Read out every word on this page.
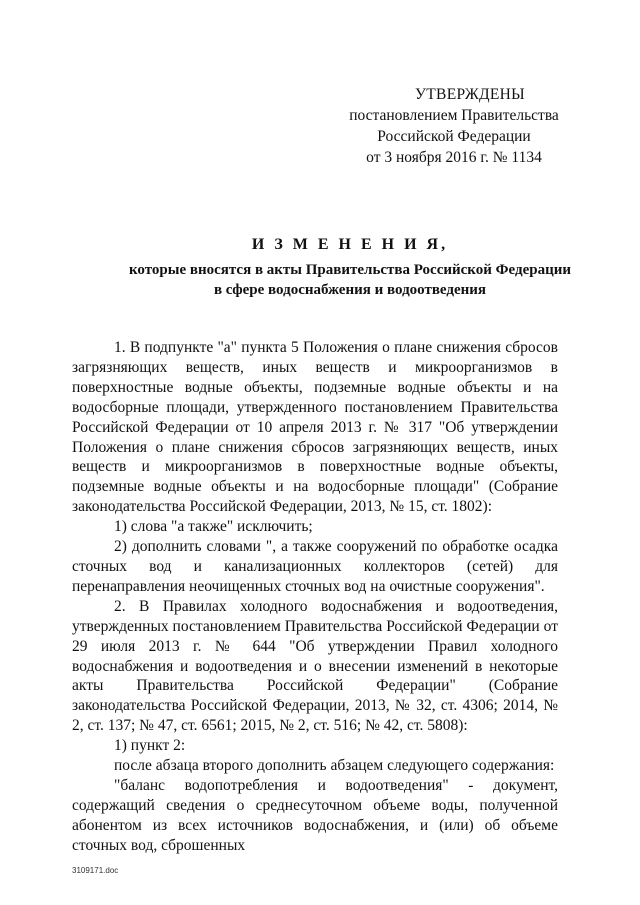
УТВЕРЖДЕНЫ
постановлением Правительства
Российской Федерации
от 3 ноября 2016 г. № 1134
И З М Е Н Е Н И Я,
которые вносятся в акты Правительства Российской Федерации
в сфере водоснабжения и водоотведения

1. В подпункте "а" пункта 5 Положения о плане снижения сбросов загрязняющих веществ, иных веществ и микроорганизмов в поверхностные водные объекты, подземные водные объекты и на водосборные площади, утвержденного постановлением Правительства Российской Федерации от 10 апреля 2013 г. № 317 "Об утверждении Положения о плане снижения сбросов загрязняющих веществ, иных веществ и микроорганизмов в поверхностные водные объекты, подземные водные объекты и на водосборные площади" (Собрание законодательства Российской Федерации, 2013, № 15, ст. 1802):

1) слова "а также" исключить;

2) дополнить словами ", а также сооружений по обработке осадка сточных вод и канализационных коллекторов (сетей) для перенаправления неочищенных сточных вод на очистные сооружения".

2. В Правилах холодного водоснабжения и водоотведения, утвержденных постановлением Правительства Российской Федерации от 29 июля 2013 г. № 644 "Об утверждении Правил холодного водоснабжения и водоотведения и о внесении изменений в некоторые акты Правительства Российской Федерации" (Собрание законодательства Российской Федерации, 2013, № 32, ст. 4306; 2014, № 2, ст. 137; № 47, ст. 6561; 2015, № 2, ст. 516; № 42, ст. 5808):

1) пункт 2:

после абзаца второго дополнить абзацем следующего содержания:

"баланс водопотребления и водоотведения" - документ, содержащий сведения о среднесуточном объеме воды, полученной абонентом из всех источников водоснабжения, и (или) об объеме сточных вод, сброшенных

3109171.doc
